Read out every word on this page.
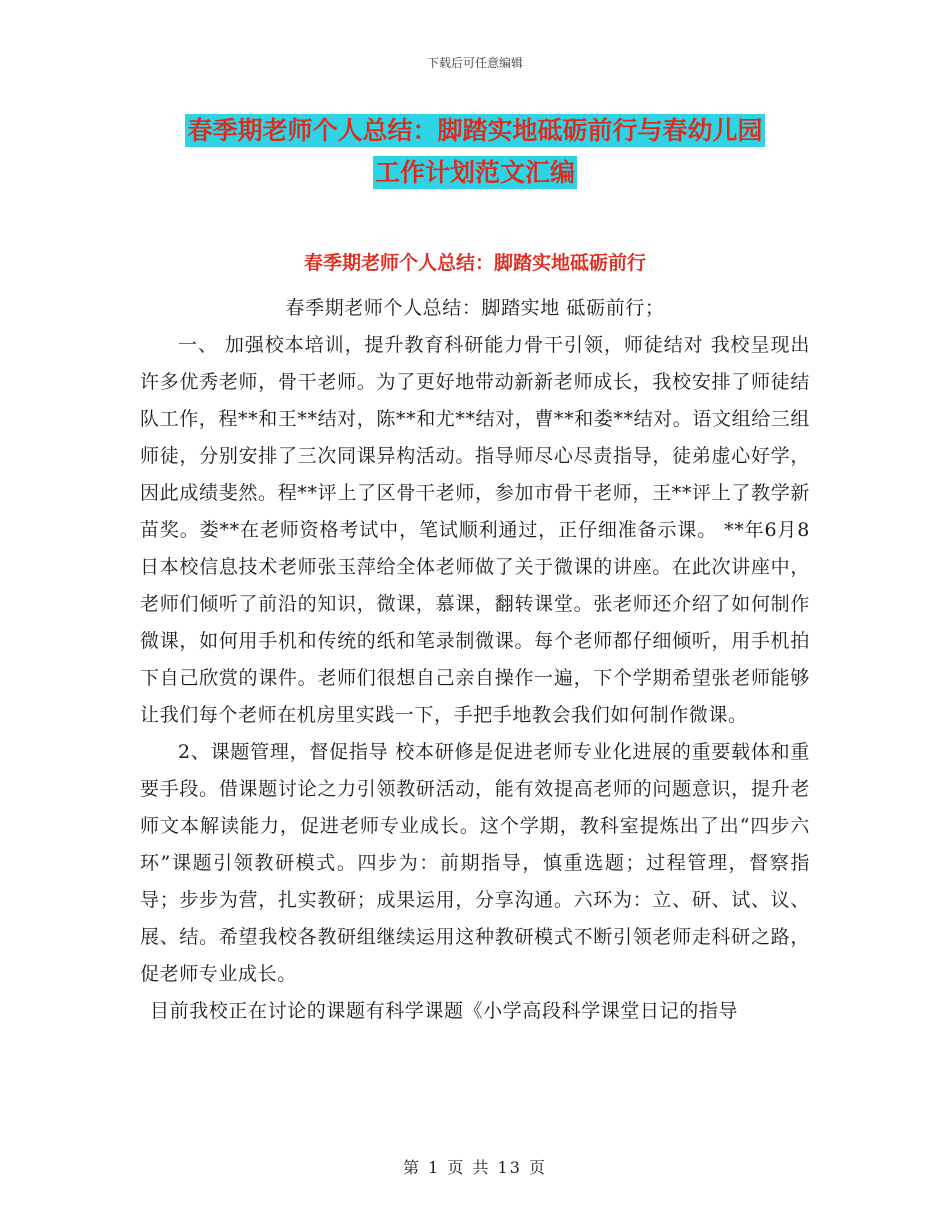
下载后可任意编辑
春季期老师个人总结：脚踏实地砥砺前行与春幼儿园
工作计划范文汇编
春季期老师个人总结：脚踏实地砥砺前行

春季期老师个人总结：脚踏实地 砥砺前行；

一、 加强校本培训，提升教育科研能力骨干引领，师徒结对 我校呈现出许多优秀老师，骨干老师。为了更好地带动新新老师成长，我校安排了师徒结队工作，程**和王**结对，陈**和尤**结对，曹**和娄**结对。语文组给三组师徒，分别安排了三次同课异构活动。指导师尽心尽责指导，徒弟虚心好学，因此成绩斐然。程**评上了区骨干老师，参加市骨干老师，王**评上了教学新苗奖。娄**在老师资格考试中，笔试顺利通过，正仔细准备示课。 **年6月8日本校信息技术老师张玉萍给全体老师做了关于微课的讲座。在此次讲座中，老师们倾听了前沿的知识，微课，慕课，翻转课堂。张老师还介绍了如何制作微课，如何用手机和传统的纸和笔录制微课。每个老师都仔细倾听，用手机拍下自己欣赏的课件。老师们很想自己亲自操作一遍，下个学期希望张老师能够让我们每个老师在机房里实践一下，手把手地教会我们如何制作微课。

2、课题管理，督促指导 校本研修是促进老师专业化进展的重要载体和重要手段。借课题讨论之力引领教研活动，能有效提高老师的问题意识，提升老师文本解读能力，促进老师专业成长。这个学期，教科室提炼出了出“四步六环”课题引领教研模式。四步为：前期指导，慎重选题；过程管理，督察指导；步步为营，扎实教研；成果运用，分享沟通。六环为：立、研、试、议、展、结。希望我校各教研组继续运用这种教研模式不断引领老师走科研之路，促老师专业成长。

目前我校正在讨论的课题有科学课题《小学高段科学课堂日记的指导

第 1 页 共 13 页
